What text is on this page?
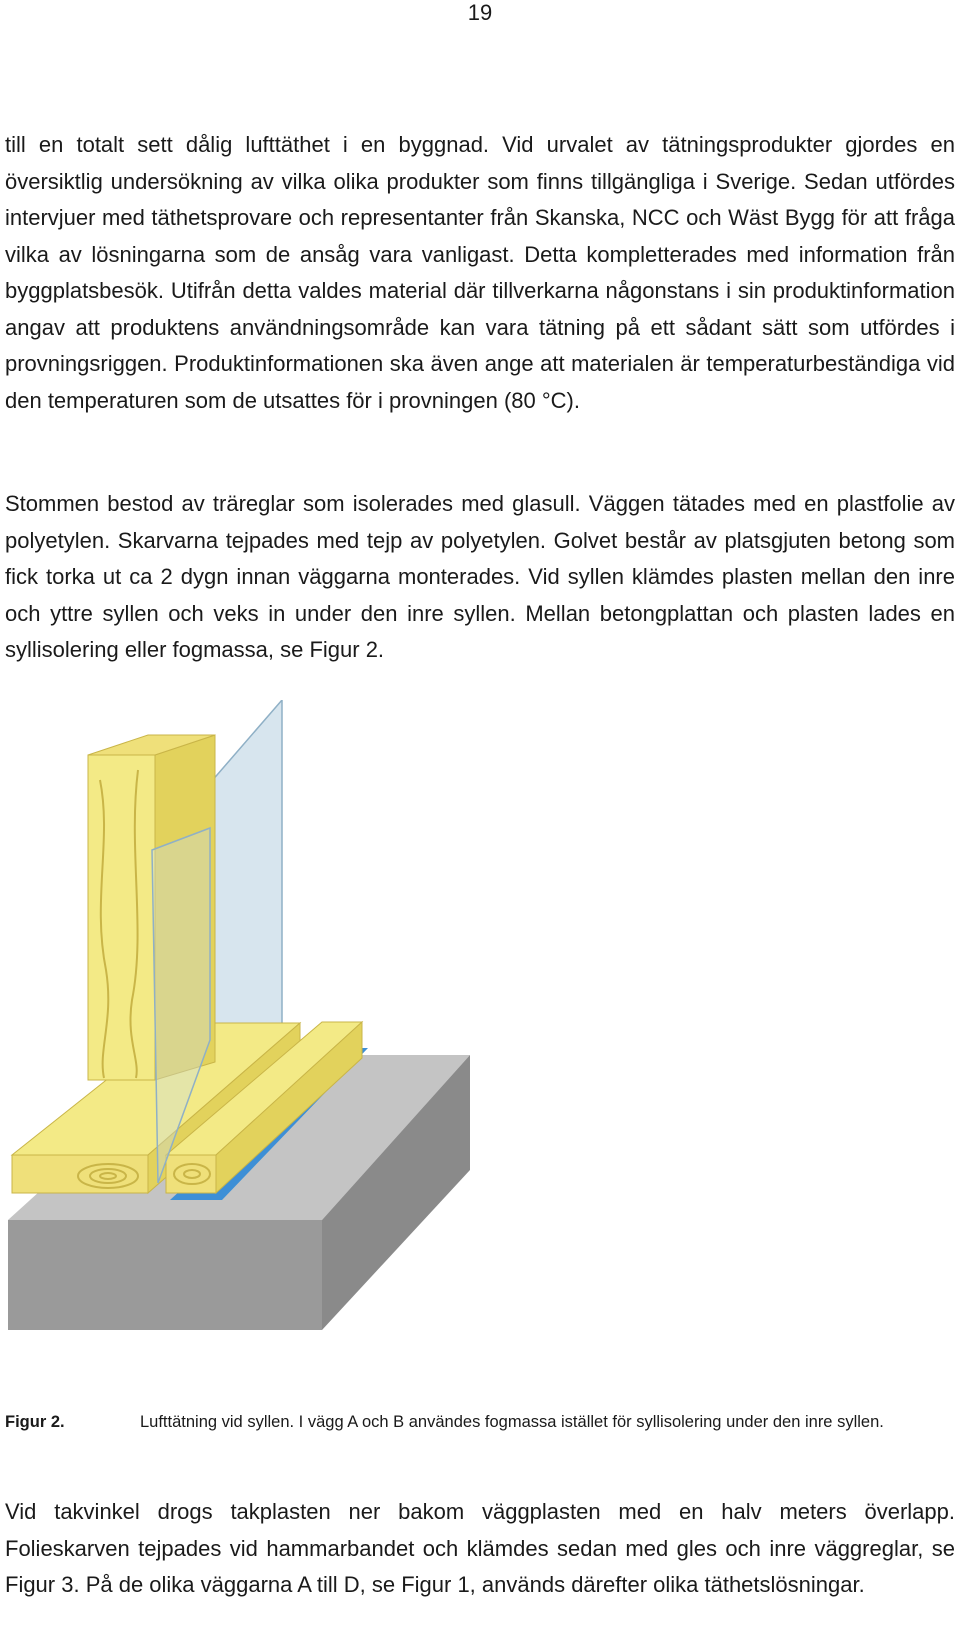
19

till en totalt sett dålig lufttäthet i en byggnad. Vid urvalet av tätningsprodukter gjordes en översiktlig undersökning av vilka olika produkter som finns tillgängliga i Sverige. Sedan utfördes intervjuer med täthetsprovare och representanter från Skanska, NCC och Wäst Bygg för att fråga vilka av lösningarna som de ansåg vara vanligast. Detta kompletterades med information från byggplatsbesök. Utifrån detta valdes material där tillverkarna någonstans i sin produktinformation angav att produktens användningsområde kan vara tätning på ett sådant sätt som utfördes i provningsriggen. Produktinformationen ska även ange att materialen är temperaturbeständiga vid den temperaturen som de utsattes för i provningen (80 °C).

Stommen bestod av träreglar som isolerades med glasull. Väggen tätades med en plastfolie av polyetylen. Skarvarna tejpades med tejp av polyetylen. Golvet består av platsgjuten betong som fick torka ut ca 2 dygn innan väggarna monterades. Vid syllen klämdes plasten mellan den inre och yttre syllen och veks in under den inre syllen. Mellan betongplattan och plasten lades en syllisolering eller fogmassa, se Figur 2.

Figur 2.	Lufttätning vid syllen. I vägg A och B användes fogmassa istället för syllisolering under den inre syllen.

Vid takvinkel drogs takplasten ner bakom väggplasten med en halv meters överlapp. Folieskarven tejpades vid hammarbandet och klämdes sedan med gles och inre väggreglar, se Figur 3. På de olika väggarna A till D, se Figur 1, används därefter olika täthetslösningar.
